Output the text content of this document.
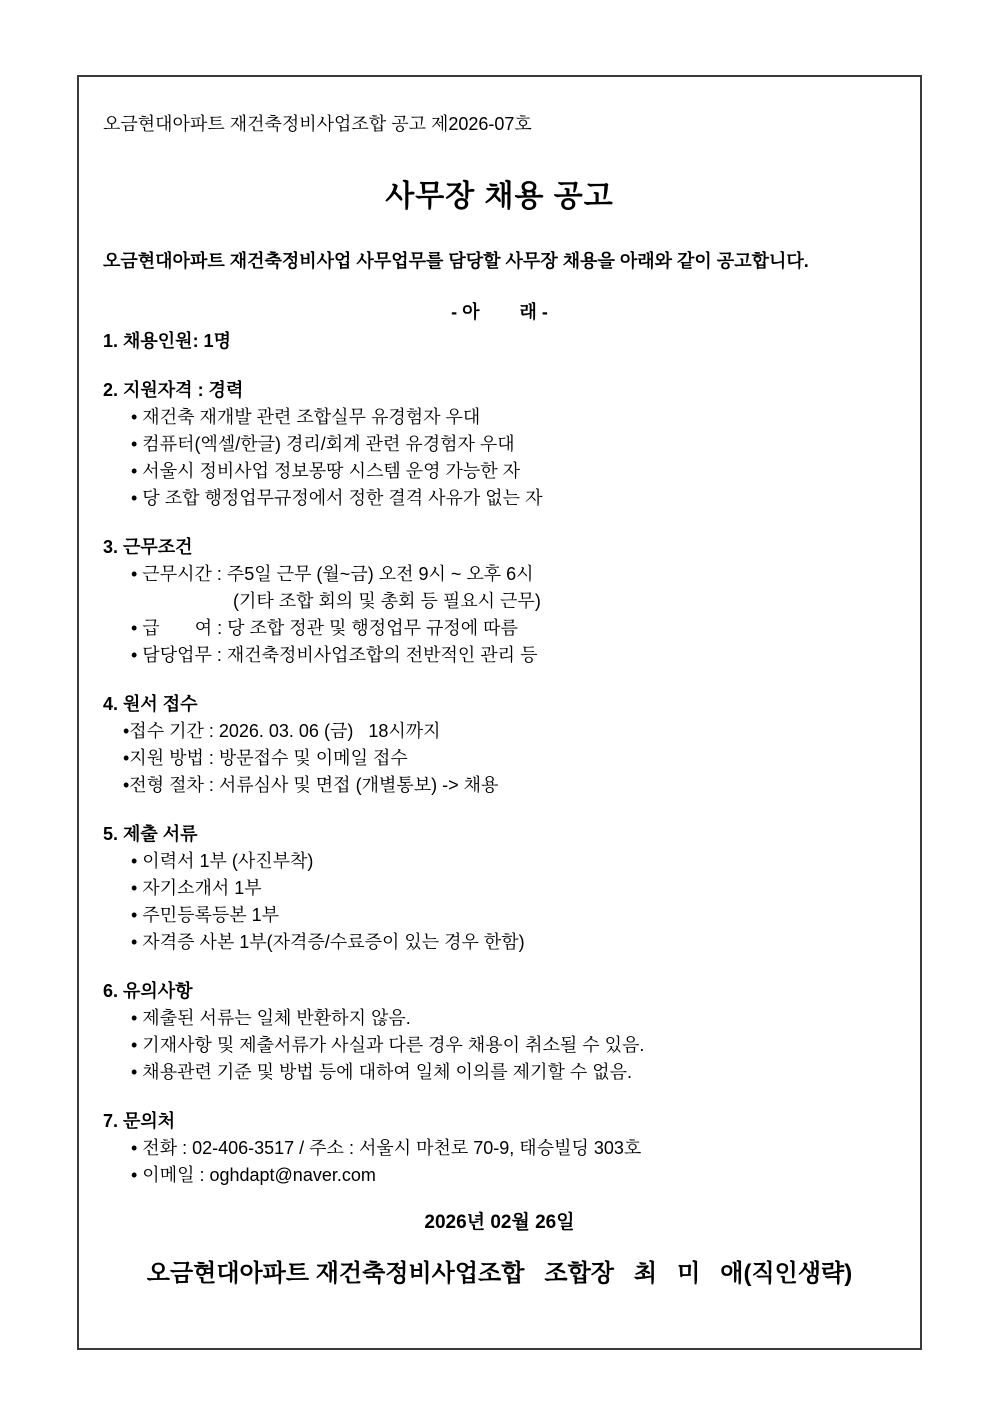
오금현대아파트 재건축정비사업조합 공고 제2026-07호
사무장 채용 공고
오금현대아파트 재건축정비사업 사무업무를 담당할 사무장 채용을 아래와 같이 공고합니다.
- 아        래 -
1. 채용인원: 1명
2. 지원자격 : 경력
• 재건축 재개발 관련 조합실무 유경험자 우대
• 컴퓨터(엑셀/한글) 경리/회계 관련 유경험자 우대
• 서울시 정비사업 정보몽땅 시스템 운영 가능한 자
• 당 조합 행정업무규정에서 정한 결격 사유가 없는 자
3. 근무조건
• 근무시간 : 주5일 근무 (월~금) 오전 9시 ~ 오후 6시
(기타 조합 회의 및 총회 등 필요시 근무)
• 급       여 : 당 조합 정관 및 행정업무 규정에 따름
• 담당업무 : 재건축정비사업조합의 전반적인 관리 등
4. 원서 접수
•접수 기간 : 2026. 03. 06 (금)   18시까지
•지원 방법 : 방문접수 및 이메일 접수
•전형 절차 : 서류심사 및 면접 (개별통보) -> 채용
5. 제출 서류
• 이력서 1부 (사진부착)
• 자기소개서 1부
• 주민등록등본 1부
• 자격증 사본 1부(자격증/수료증이 있는 경우 한함)
6. 유의사항
• 제출된 서류는 일체 반환하지 않음.
• 기재사항 및 제출서류가 사실과 다른 경우 채용이 취소될 수 있음.
• 채용관련 기준 및 방법 등에 대하여 일체 이의를 제기할 수 없음.
7. 문의처
• 전화 : 02-406-3517 / 주소 : 서울시 마천로 70-9, 태승빌딩 303호
• 이메일 : oghdapt@naver.com
2026년 02월 26일
오금현대아파트 재건축정비사업조합   조합장   최   미   애(직인생략)
